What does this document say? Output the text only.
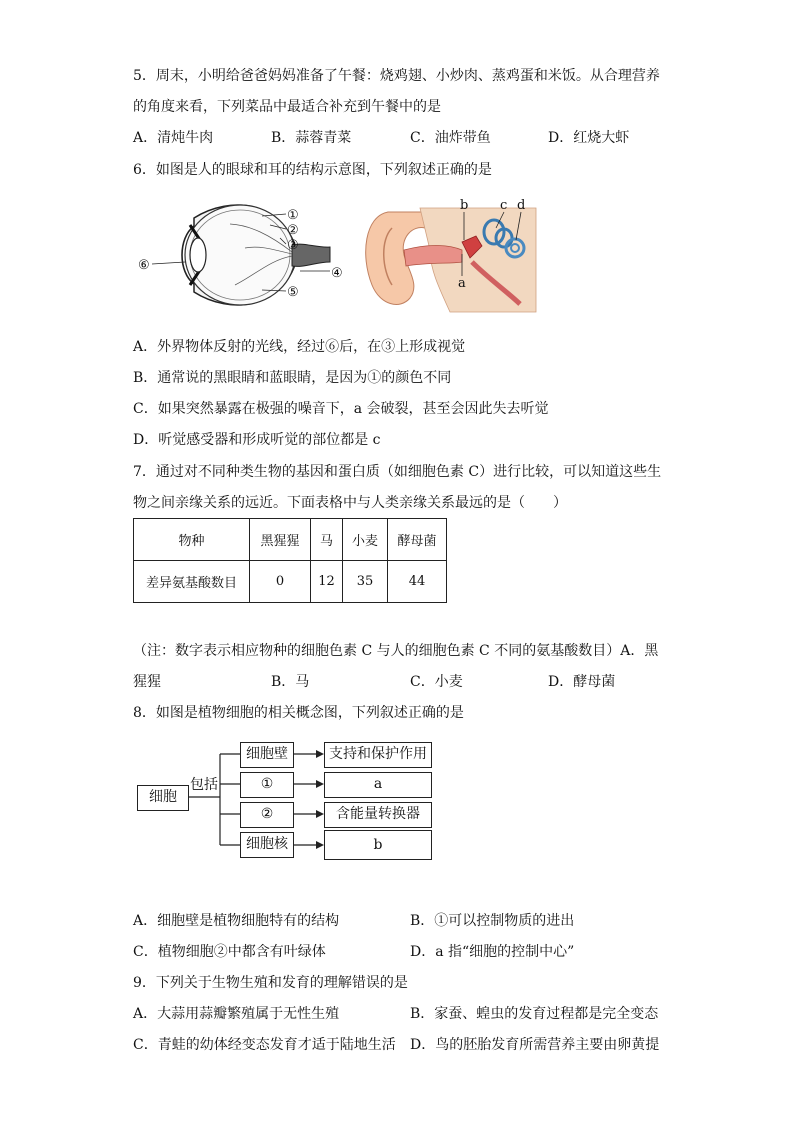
5．周末，小明给爸爸妈妈准备了午餐：烧鸡翅、小炒肉、蒸鸡蛋和米饭。从合理营养
的角度来看，下列菜品中最适合补充到午餐中的是
A．清炖牛肉	B．蒜蓉青菜	C．油炸带鱼	D．红烧大虾
6．如图是人的眼球和耳的结构示意图，下列叙述正确的是
①
②
③
④
⑤
⑥
b c d
a
A．外界物体反射的光线，经过⑥后，在③上形成视觉
B．通常说的黑眼睛和蓝眼睛，是因为①的颜色不同
C．如果突然暴露在极强的噪音下，a 会破裂，甚至会因此失去听觉
D．听觉感受器和形成听觉的部位都是 c
7．通过对不同种类生物的基因和蛋白质（如细胞色素 C）进行比较，可以知道这些生
物之间亲缘关系的远近。下面表格中与人类亲缘关系最远的是（　　）
物种	黑猩猩	马	小麦	酵母菌
差异氨基酸数目	0	12	35	44
（注：数字表示相应物种的细胞色素 C 与人的细胞色素 C 不同的氨基酸数目）A．黑
猩猩	B．马	C．小麦	D．酵母菌
8．如图是植物细胞的相关概念图，下列叙述正确的是
细胞
包括
细胞壁
①
②
细胞核
支持和保护作用
a
含能量转换器
b
A．细胞壁是植物细胞特有的结构	B．①可以控制物质的进出
C．植物细胞②中都含有叶绿体	D．a 指“细胞的控制中心”
9．下列关于生物生殖和发育的理解错误的是
A．大蒜用蒜瓣繁殖属于无性生殖	B．家蚕、蝗虫的发育过程都是完全变态
C．青蛙的幼体经变态发育才适于陆地生活 D．鸟的胚胎发育所需营养主要由卵黄提
